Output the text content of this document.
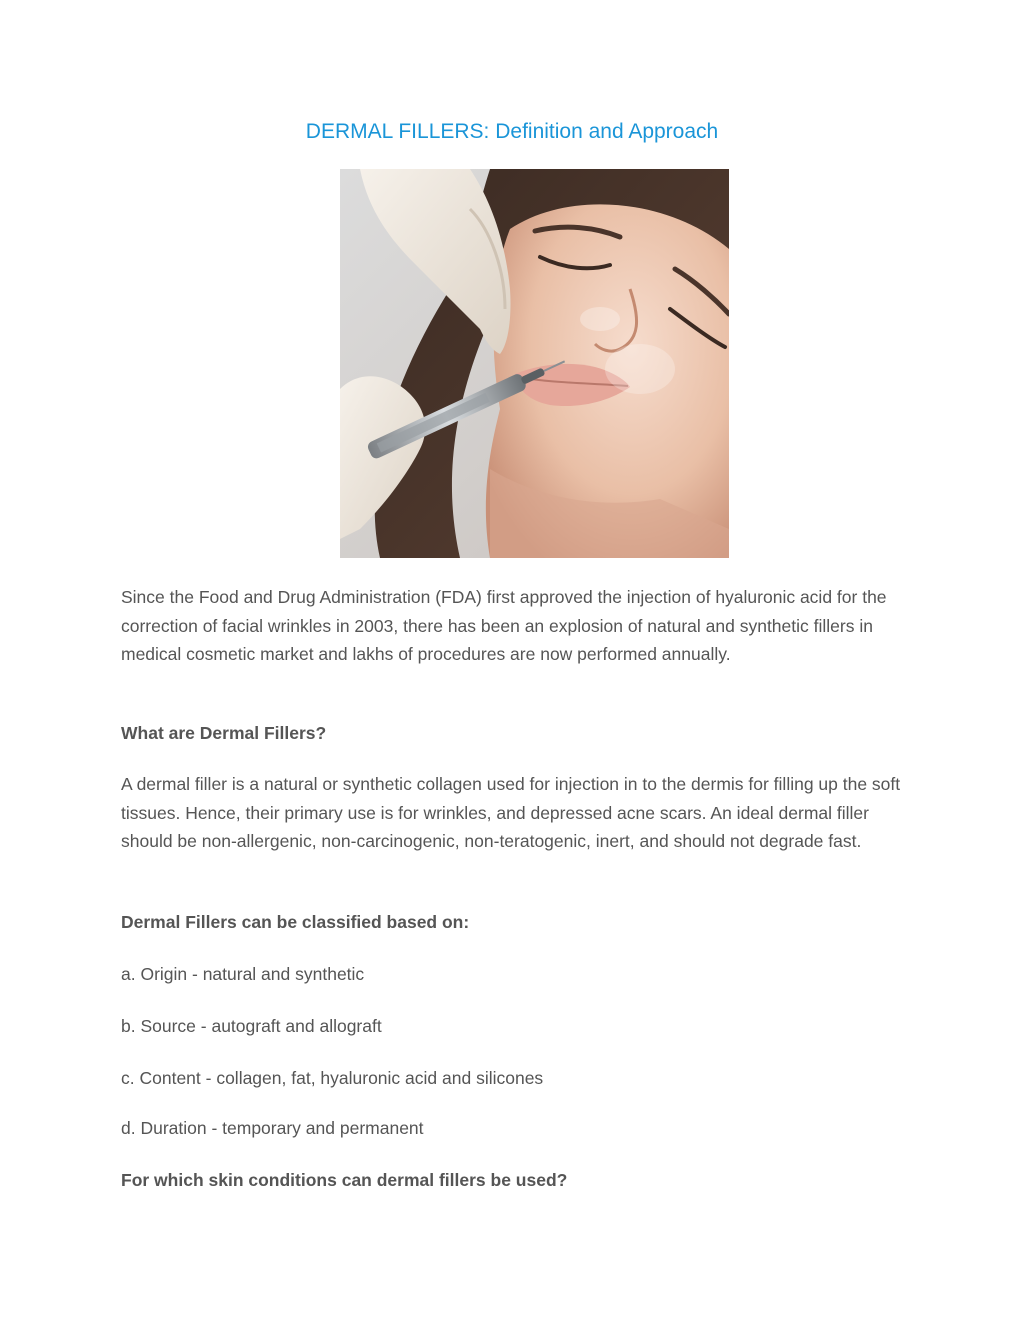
DERMAL FILLERS: Definition and Approach
Since the Food and Drug Administration (FDA) first approved the injection of hyaluronic acid for the correction of facial wrinkles in 2003, there has been an explosion of natural and synthetic fillers in medical cosmetic market and lakhs of procedures are now performed annually.
What are Dermal Fillers?
A dermal filler is a natural or synthetic collagen used for injection in to the dermis for filling up the soft tissues. Hence, their primary use is for wrinkles, and depressed acne scars. An ideal dermal filler should be non-allergenic, non-carcinogenic, non-teratogenic, inert, and should not degrade fast.
Dermal Fillers can be classified based on:
a. Origin - natural and synthetic
b. Source - autograft and allograft
c. Content - collagen, fat, hyaluronic acid and silicones
d. Duration - temporary and permanent
For which skin conditions can dermal fillers be used?
